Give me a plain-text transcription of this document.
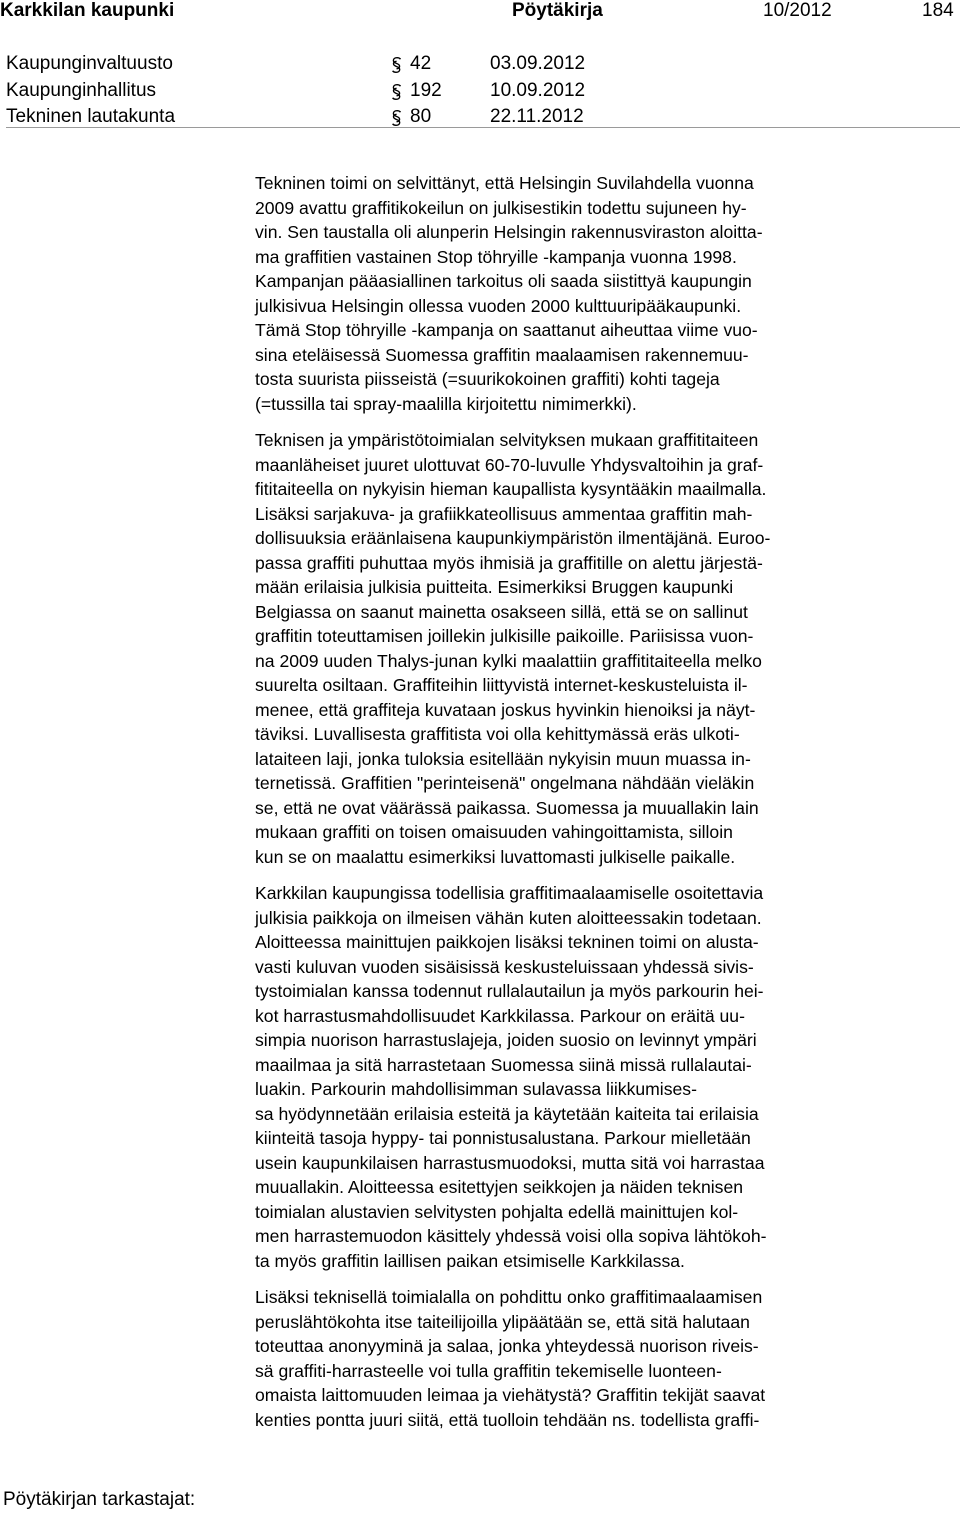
Karkkilan kaupunki	Pöytäkirja	10/2012	184
Kaupunginvaltuusto	42	03.09.2012
Kaupunginhallitus	192	10.09.2012
Tekninen lautakunta	80	22.11.2012
Tekninen toimi on selvittänyt, että Helsingin Suvilahdella vuonna
2009 avattu graffitikokeilun on julkisestikin todettu sujuneen hy-
vin. Sen taustalla oli alunperin Helsingin rakennusviraston aloitta-
ma graffitien vastainen Stop töhryille -kampanja vuonna 1998.
Kampanjan pääasiallinen tarkoitus oli saada siistittyä kaupungin
julkisivua Helsingin ollessa vuoden 2000 kulttuuripääkaupunki.
Tämä Stop töhryille -kampanja on saattanut aiheuttaa viime vuo-
sina eteläisessä Suomessa graffitin maalaamisen rakennemuu-
tosta suurista piisseistä (=suurikokoinen graffiti) kohti tageja
(=tussilla tai spray-maalilla kirjoitettu nimimerkki).
Teknisen ja ympäristötoimialan selvityksen mukaan graffititaiteen
maanläheiset juuret ulottuvat 60-70-luvulle Yhdysvaltoihin ja graf-
fititaiteella on nykyisin hieman kaupallista kysyntääkin maailmalla.
Lisäksi sarjakuva- ja grafiikkateollisuus ammentaa graffitin mah-
dollisuuksia eräänlaisena kaupunkiympäristön ilmentäjänä. Euroo-
passa graffiti puhuttaa myös ihmisiä ja graffitille on alettu järjestä-
mään erilaisia julkisia puitteita. Esimerkiksi Bruggen kaupunki
Belgiassa on saanut mainetta osakseen sillä, että se on sallinut
graffitin toteuttamisen joillekin julkisille paikoille. Pariisissa vuon-
na 2009 uuden Thalys-junan kylki maalattiin graffititaiteella melko
suurelta osiltaan. Graffiteihin liittyvistä internet-keskusteluista il-
menee, että graffiteja kuvataan joskus hyvinkin hienoiksi ja näyt-
täviksi. Luvallisesta graffitista voi olla kehittymässä eräs ulkoti-
lataiteen laji, jonka tuloksia esitellään nykyisin muun muassa in-
ternetissä. Graffitien "perinteisenä" ongelmana nähdään vieläkin
se, että ne ovat väärässä paikassa. Suomessa ja muuallakin lain
mukaan graffiti on toisen omaisuuden vahingoittamista, silloin
kun se on maalattu esimerkiksi luvattomasti julkiselle paikalle.
Karkkilan kaupungissa todellisia graffitimaalaamiselle osoitettavia
julkisia paikkoja on ilmeisen vähän kuten aloitteessakin todetaan.
Aloitteessa mainittujen paikkojen lisäksi tekninen toimi on alusta-
vasti kuluvan vuoden sisäisissä keskusteluissaan yhdessä sivis-
tystoimialan kanssa todennut rullalautailun ja myös parkourin hei-
kot harrastusmahdollisuudet Karkkilassa. Parkour on eräitä uu-
simpia nuorison harrastuslajeja, joiden suosio on levinnyt ympäri
maailmaa ja sitä harrastetaan Suomessa siinä missä rullalautai-
luakin. Parkourin mahdollisimman sulavassa liikkumises-
sa hyödynnetään erilaisia esteitä ja käytetään kaiteita tai erilaisia
kiinteitä tasoja hyppy- tai ponnistusalustana. Parkour mielletään
usein kaupunkilaisen harrastusmuodoksi, mutta sitä voi harrastaa
muuallakin. Aloitteessa esitettyjen seikkojen ja näiden teknisen
toimialan alustavien selvitysten pohjalta edellä mainittujen kol-
men harrastemuodon käsittely yhdessä voisi olla sopiva lähtökoh-
ta myös graffitin laillisen paikan etsimiselle Karkkilassa.
Lisäksi teknisellä toimialalla on pohdittu onko graffitimaalaamisen
peruslähtökohta itse taiteilijoilla ylipäätään se, että sitä halutaan
toteuttaa anonyyminä ja salaa, jonka yhteydessä nuorison riveis-
sä graffiti-harrasteelle voi tulla graffitin tekemiselle luonteen-
omaista laittomuuden leimaa ja viehätystä? Graffitin tekijät saavat
kenties pontta juuri siitä, että tuolloin tehdään ns. todellista graffi-
Pöytäkirjan tarkastajat:
